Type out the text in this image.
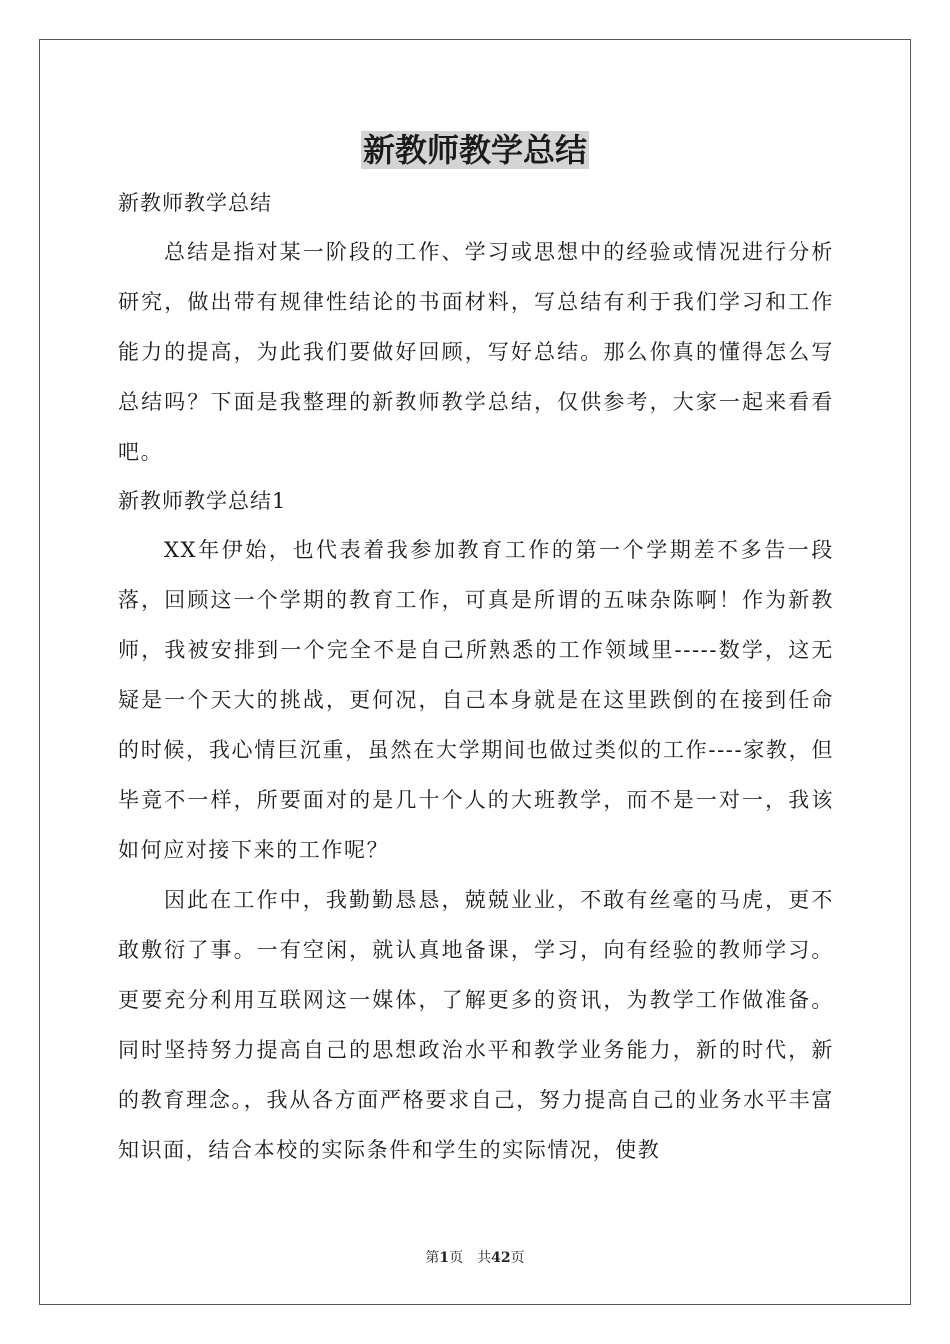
新教师教学总结

新教师教学总结

总结是指对某一阶段的工作、学习或思想中的经验或情况进行分析研究，做出带有规律性结论的书面材料，写总结有利于我们学习和工作能力的提高，为此我们要做好回顾，写好总结。那么你真的懂得怎么写总结吗？下面是我整理的新教师教学总结，仅供参考，大家一起来看看吧。

新教师教学总结1

XX年伊始，也代表着我参加教育工作的第一个学期差不多告一段落，回顾这一个学期的教育工作，可真是所谓的五味杂陈啊！作为新教师，我被安排到一个完全不是自己所熟悉的工作领域里-----数学，这无疑是一个天大的挑战，更何况，自己本身就是在这里跌倒的在接到任命的时候，我心情巨沉重，虽然在大学期间也做过类似的工作----家教，但毕竟不一样，所要面对的是几十个人的大班教学，而不是一对一，我该如何应对接下来的工作呢？

因此在工作中，我勤勤恳恳，兢兢业业，不敢有丝毫的马虎，更不敢敷衍了事。一有空闲，就认真地备课，学习，向有经验的教师学习。更要充分利用互联网这一媒体，了解更多的资讯，为教学工作做准备。同时坚持努力提高自己的思想政治水平和教学业务能力，新的时代，新的教育理念。，我从各方面严格要求自己，努力提高自己的业务水平丰富知识面，结合本校的实际条件和学生的实际情况，使教

第1页　共42页
